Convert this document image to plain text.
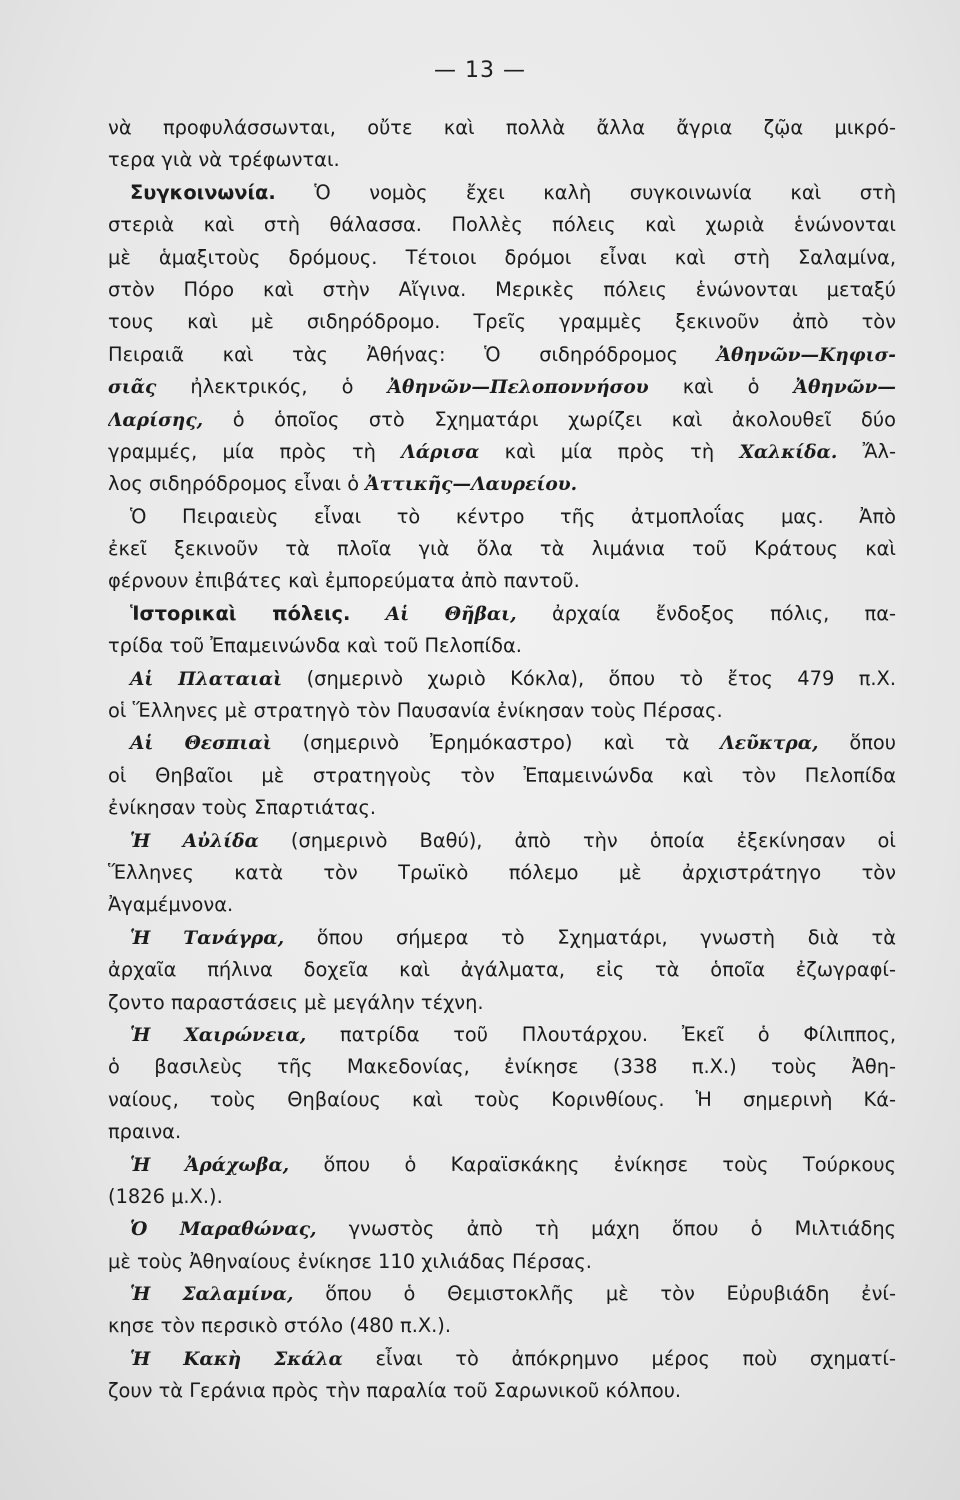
— 13 —
νὰ προφυλάσσωνται, οὔτε καὶ πολλὰ ἄλλα ἄγρια ζῷα μικρό-
τερα γιὰ νὰ τρέφωνται.
Συγκοινωνία. Ὁ νομὸς ἔχει καλὴ συγκοινωνία καὶ στὴ
στεριὰ καὶ στὴ θάλασσα. Πολλὲς πόλεις καὶ χωριὰ ἑνώνονται
μὲ ἁμαξιτοὺς δρόμους. Τέτοιοι δρόμοι εἶναι καὶ στὴ Σαλαμίνα,
στὸν Πόρο καὶ στὴν Αἴγινα. Μερικὲς πόλεις ἑνώνονται μεταξύ
τους καὶ μὲ σιδηρόδρομο. Τρεῖς γραμμὲς ξεκινοῦν ἀπὸ τὸν
Πειραιᾶ καὶ τὰς Ἀθήνας: Ὁ σιδηρόδρομος Ἀθηνῶν—Κηφισ-
σιᾶς ἠλεκτρικός, ὁ Ἀθηνῶν—Πελοποννήσου καὶ ὁ Ἀθηνῶν—
Λαρίσης, ὁ ὁποῖος στὸ Σχηματάρι χωρίζει καὶ ἀκολουθεῖ δύο
γραμμές, μία πρὸς τὴ Λάρισα καὶ μία πρὸς τὴ Χαλκίδα. Ἄλ-
λος σιδηρόδρομος εἶναι ὁ Ἀττικῆς—Λαυρείου.
Ὁ Πειραιεὺς εἶναι τὸ κέντρο τῆς ἀτμοπλοΐας μας. Ἀπὸ
ἐκεῖ ξεκινοῦν τὰ πλοῖα γιὰ ὅλα τὰ λιμάνια τοῦ Κράτους καὶ
φέρνουν ἐπιβάτες καὶ ἐμπορεύματα ἀπὸ παντοῦ.
Ἱστορικαὶ πόλεις. Αἱ Θῆβαι, ἀρχαία ἔνδοξος πόλις, πα-
τρίδα τοῦ Ἐπαμεινώνδα καὶ τοῦ Πελοπίδα.
Αἱ Πλαταιαὶ (σημερινὸ χωριὸ Κόκλα), ὅπου τὸ ἔτος 479 π.Χ.
οἱ Ἕλληνες μὲ στρατηγὸ τὸν Παυσανία ἐνίκησαν τοὺς Πέρσας.
Αἱ Θεσπιαὶ (σημερινὸ Ἐρημόκαστρο) καὶ τὰ Λεῦκτρα, ὅπου
οἱ Θηβαῖοι μὲ στρατηγοὺς τὸν Ἐπαμεινώνδα καὶ τὸν Πελοπίδα
ἐνίκησαν τοὺς Σπαρτιάτας.
Ἡ Αὐλίδα (σημερινὸ Βαθύ), ἀπὸ τὴν ὁποία ἐξεκίνησαν οἱ
Ἕλληνες κατὰ τὸν Τρωϊκὸ πόλεμο μὲ ἀρχιστράτηγο τὸν
Ἀγαμέμνονα.
Ἡ Τανάγρα, ὅπου σήμερα τὸ Σχηματάρι, γνωστὴ διὰ τὰ
ἀρχαῖα πήλινα δοχεῖα καὶ ἀγάλματα, εἰς τὰ ὁποῖα ἐζωγραφί-
ζοντο παραστάσεις μὲ μεγάλην τέχνη.
Ἡ Χαιρώνεια, πατρίδα τοῦ Πλουτάρχου. Ἐκεῖ ὁ Φίλιππος,
ὁ βασιλεὺς τῆς Μακεδονίας, ἐνίκησε (338 π.Χ.) τοὺς Ἀθη-
ναίους, τοὺς Θηβαίους καὶ τοὺς Κορινθίους. Ἡ σημερινὴ Κά-
πραινα.
Ἡ Ἀράχωβα, ὅπου ὁ Καραϊσκάκης ἐνίκησε τοὺς Τούρκους
(1826 μ.Χ.).
Ὁ Μαραθώνας, γνωστὸς ἀπὸ τὴ μάχη ὅπου ὁ Μιλτιάδης
μὲ τοὺς Ἀθηναίους ἐνίκησε 110 χιλιάδας Πέρσας.
Ἡ Σαλαμίνα, ὅπου ὁ Θεμιστοκλῆς μὲ τὸν Εὐρυβιάδη ἐνί-
κησε τὸν περσικὸ στόλο (480 π.Χ.).
Ἡ Κακὴ Σκάλα εἶναι τὸ ἀπόκρημνο μέρος ποὺ σχηματί-
ζουν τὰ Γεράνια πρὸς τὴν παραλία τοῦ Σαρωνικοῦ κόλπου.
